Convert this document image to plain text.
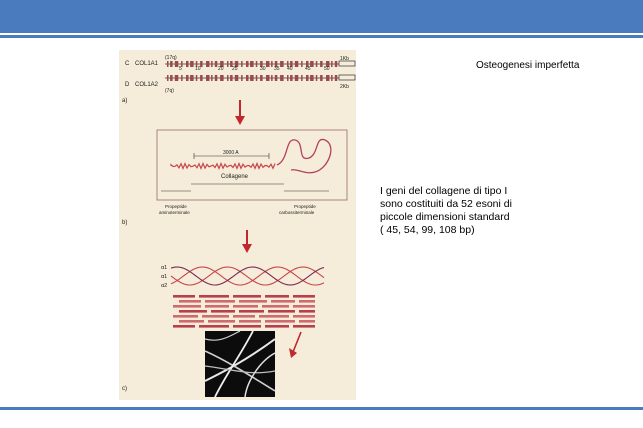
Osteogenesi imperfetta
I geni del collagene di tipo I
sono costituiti da 52 esoni di
piccole dimensioni standard
( 45, 54, 99, 108 bp)
C COL1A1
(17q)	1Kb
5	10	20 25	30 35 40 45	50
D COL1A2
(7q)
2Kb
a)
3000 A
Collagene
Propeptide
aminoterminale
Propeptide
carbossiterminale
b)
α1
α1
α2
c)
